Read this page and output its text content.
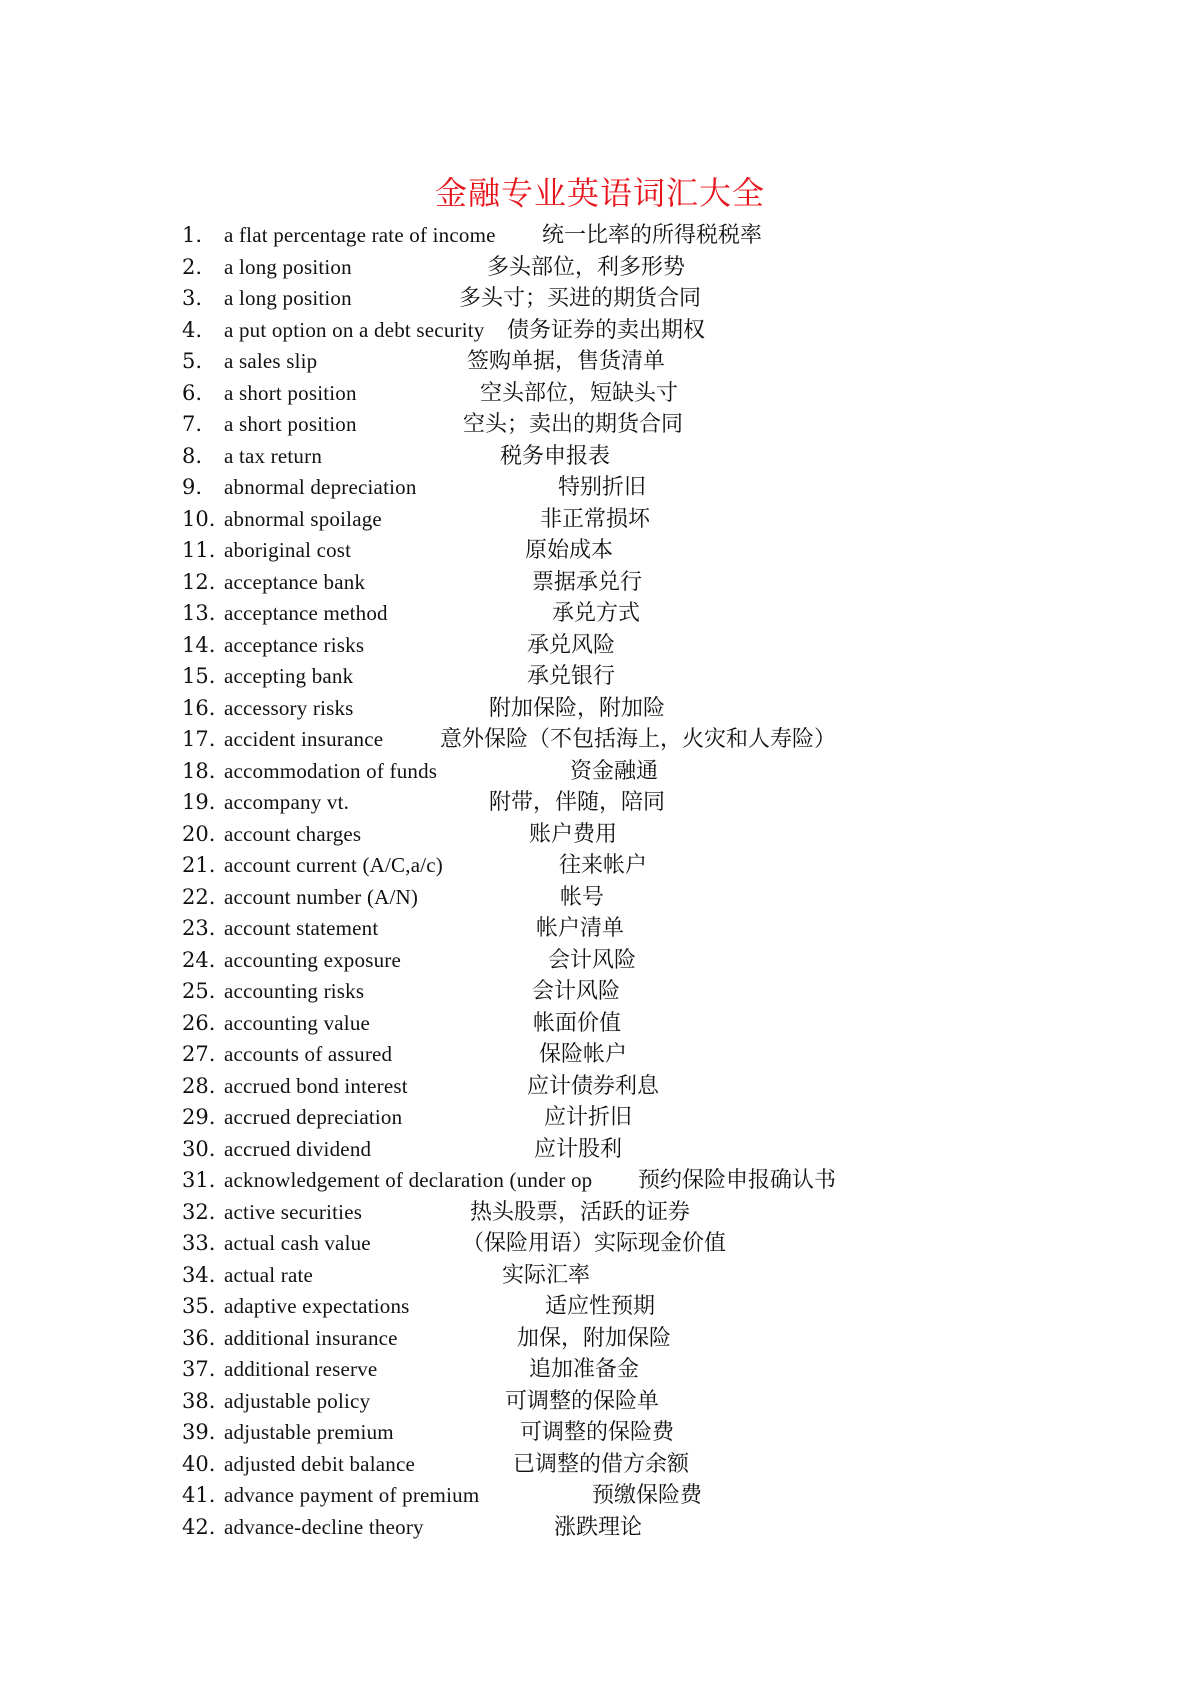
金融专业英语词汇大全
1.	a flat percentage rate of income 统一比率的所得税税率
2.	a long position	多头部位，利多形势
3.	a long position	多头寸；买进的期货合同
4.	a put option on a debt security 债务证券的卖出期权
5.	a sales slip	签购单据，售货清单
6.	a short position	空头部位，短缺头寸
7.	a short position	空头；卖出的期货合同
8.	a tax return	税务申报表
9.	abnormal depreciation	特别折旧
10. abnormal spoilage	非正常损坏
11. aboriginal cost	原始成本
12. acceptance bank	票据承兑行
13. acceptance method	承兑方式
14. acceptance risks	承兑风险
15. accepting bank	承兑银行
16. accessory risks	附加保险，附加险
17. accident insurance	意外保险（不包括海上，火灾和人寿险）
18. accommodation of funds	资金融通
19. accompany vt.	附带，伴随，陪同
20. account charges	账户费用
21. account current (A/C,a/c)	往来帐户
22. account number (A/N)	帐号
23. account statement	帐户清单
24. accounting exposure	会计风险
25. accounting risks	会计风险
26. accounting value	帐面价值
27. accounts of assured	保险帐户
28. accrued bond interest	应计债券利息
29. accrued depreciation	应计折旧
30. accrued dividend	应计股利
31. acknowledgement of declaration (under op 预约保险申报确认书
32. active securities	热头股票，活跃的证券
33. actual cash value	（保险用语）实际现金价值
34. actual rate	实际汇率
35. adaptive expectations	适应性预期
36. additional insurance	加保，附加保险
37. additional reserve	追加准备金
38. adjustable policy	可调整的保险单
39. adjustable premium	可调整的保险费
40. adjusted debit balance	已调整的借方余额
41. advance payment of premium	预缴保险费
42. advance-decline theory	涨跌理论
